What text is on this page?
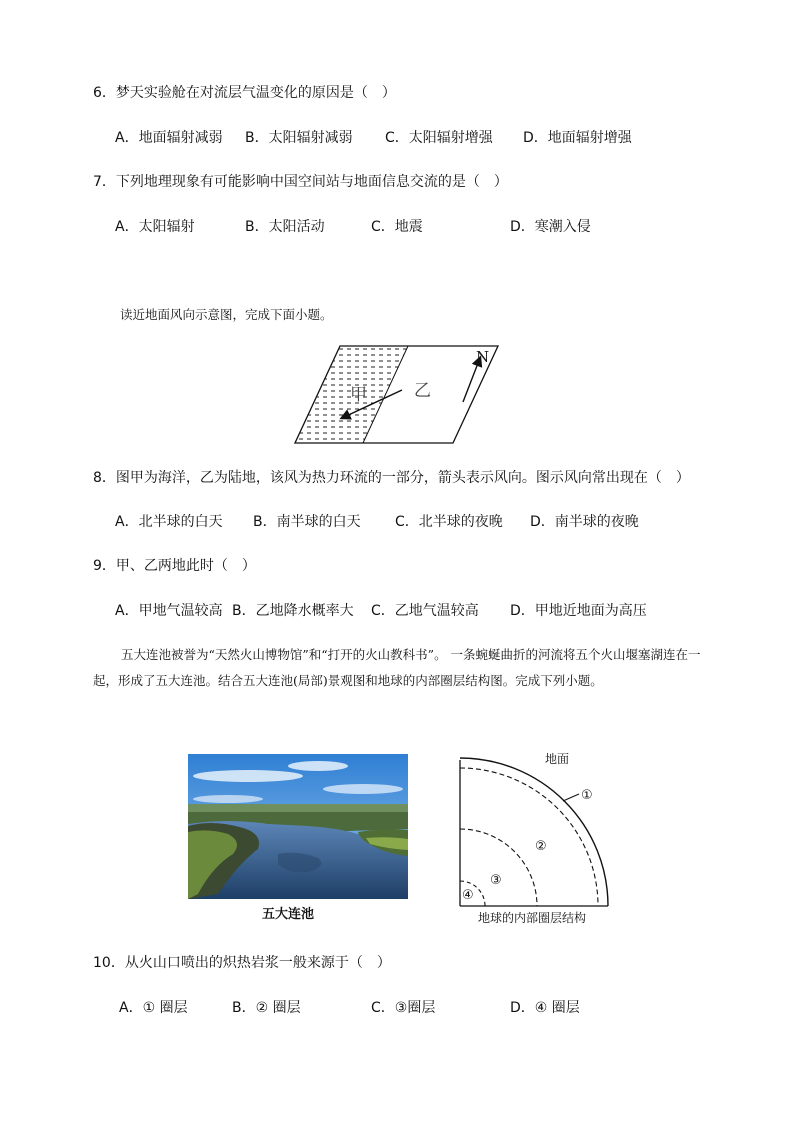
6．梦天实验舱在对流层气温变化的原因是（　）
A．地面辐射减弱 B．太阳辐射减弱 C．太阳辐射增强 D．地面辐射增强
7．下列地理现象有可能影响中国空间站与地面信息交流的是（　）
A．太阳辐射	B．太阳活动	C．地震	D．寒潮入侵
读近地面风向示意图，完成下面小题。
N
甲	乙
8．图甲为海洋，乙为陆地，该风为热力环流的一部分，箭头表示风向。图示风向常出现在（　）
A．北半球的白天 B．南半球的白天 C．北半球的夜晚 D．南半球的夜晚
9．甲、乙两地此时（　）
A．甲地气温较高 B．乙地降水概率大 C．乙地气温较高 D．甲地近地面为高压
五大连池被誉为“天然火山博物馆”和“打开的火山教科书”。 一条蜿蜒曲折的河流将五个火山堰塞湖连在一起，形成了五大连池。结合五大连池(局部)景观图和地球的内部圈层结构图。完成下列小题。
五大连池
地面
①
②
③
④
地球的内部圈层结构
10．从火山口喷出的炽热岩浆一般来源于（　）
A．① 圈层	B．② 圈层	C．③圈层	D．④ 圈层
